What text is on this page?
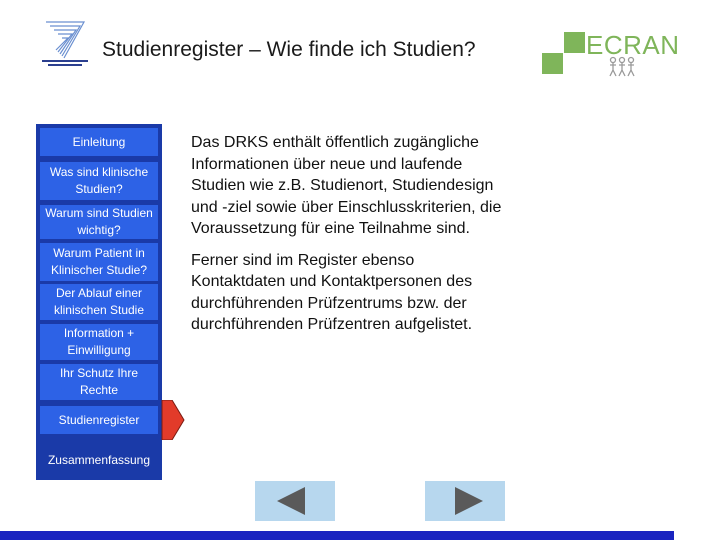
Studienregister – Wie finde ich Studien?	ECRAN
Einleitung
Was sind klinische Studien?
Warum sind Studien wichtig?
Warum Patient in Klinischer Studie?
Der Ablauf einer klinischen Studie
Information + Einwilligung
Ihr Schutz Ihre Rechte
Studienregister
Zusammenfassung

Das DRKS enthält öffentlich zugängliche Informationen über neue und laufende Studien wie z.B. Studienort, Studiendesign und -ziel sowie über Einschlusskriterien, die Voraussetzung für eine Teilnahme sind.

Ferner sind im Register ebenso Kontaktdaten und Kontaktpersonen des durchführenden Prüfzentrums bzw. der durchführenden Prüfzentren aufgelistet.
